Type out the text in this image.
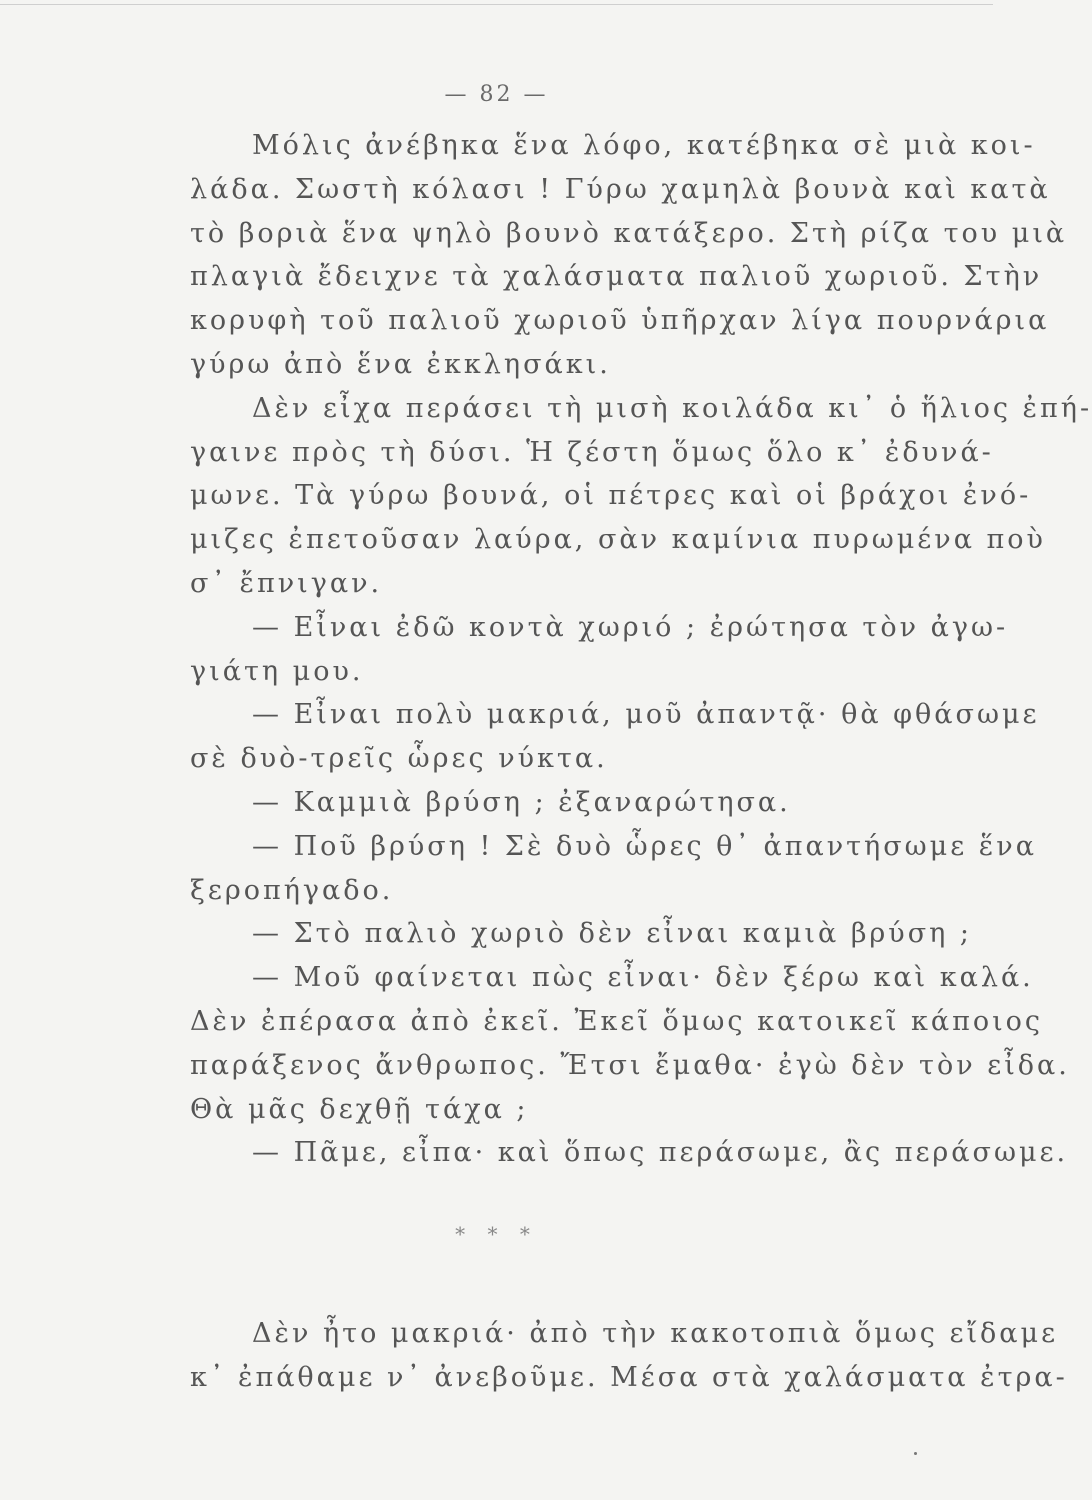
— 82 —
Μόλις ἀνέβηκα ἕνα λόφο, κατέβηκα σὲ μιὰ κοι-
λάδα. Σωστὴ κόλασι ! Γύρω χαμηλὰ βουνὰ καὶ κατὰ
τὸ βοριὰ ἕνα ψηλὸ βουνὸ κατάξερο. Στὴ ρίζα του μιὰ
πλαγιὰ ἔδειχνε τὰ χαλάσματα παλιοῦ χωριοῦ. Στὴν
κορυφὴ τοῦ παλιοῦ χωριοῦ ὑπῆρχαν λίγα πουρνάρια
γύρω ἀπὸ ἕνα ἐκκλησάκι.
Δὲν εἶχα περάσει τὴ μισὴ κοιλάδα κι᾽ ὁ ἥλιος ἐπή-
γαινε πρὸς τὴ δύσι. Ἡ ζέστη ὅμως ὅλο κ᾽ ἐδυνά-
μωνε. Τὰ γύρω βουνά, οἱ πέτρες καὶ οἱ βράχοι ἐνό-
μιζες ἐπετοῦσαν λαύρα, σὰν καμίνια πυρωμένα ποὺ
σ᾽ ἔπνιγαν.
— Εἶναι ἐδῶ κοντὰ χωριό ; ἐρώτησα τὸν ἀγω-
γιάτη μου.
— Εἶναι πολὺ μακριά, μοῦ ἀπαντᾷ· θὰ φθάσωμε
σὲ δυὸ-τρεῖς ὧρες νύκτα.
— Καμμιὰ βρύση ; ἐξαναρώτησα.
— Ποῦ βρύση ! Σὲ δυὸ ὧρες θ᾽ ἀπαντήσωμε ἕνα
ξεροπήγαδο.
— Στὸ παλιὸ χωριὸ δὲν εἶναι καμιὰ βρύση ;
— Μοῦ φαίνεται πὼς εἶναι· δὲν ξέρω καὶ καλά.
Δὲν ἐπέρασα ἀπὸ ἐκεῖ. Ἐκεῖ ὅμως κατοικεῖ κάποιος
παράξενος ἄνθρωπος. Ἔτσι ἔμαθα· ἐγὼ δὲν τὸν εἶδα.
Θὰ μᾶς δεχθῇ τάχα ;
— Πᾶμε, εἶπα· καὶ ὅπως περάσωμε, ἂς περάσωμε.
* * *
Δὲν ἦτο μακριά· ἀπὸ τὴν κακοτοπιὰ ὅμως εἴδαμε
κ᾽ ἐπάθαμε ν᾽ ἀνεβοῦμε. Μέσα στὰ χαλάσματα ἐτρα-
